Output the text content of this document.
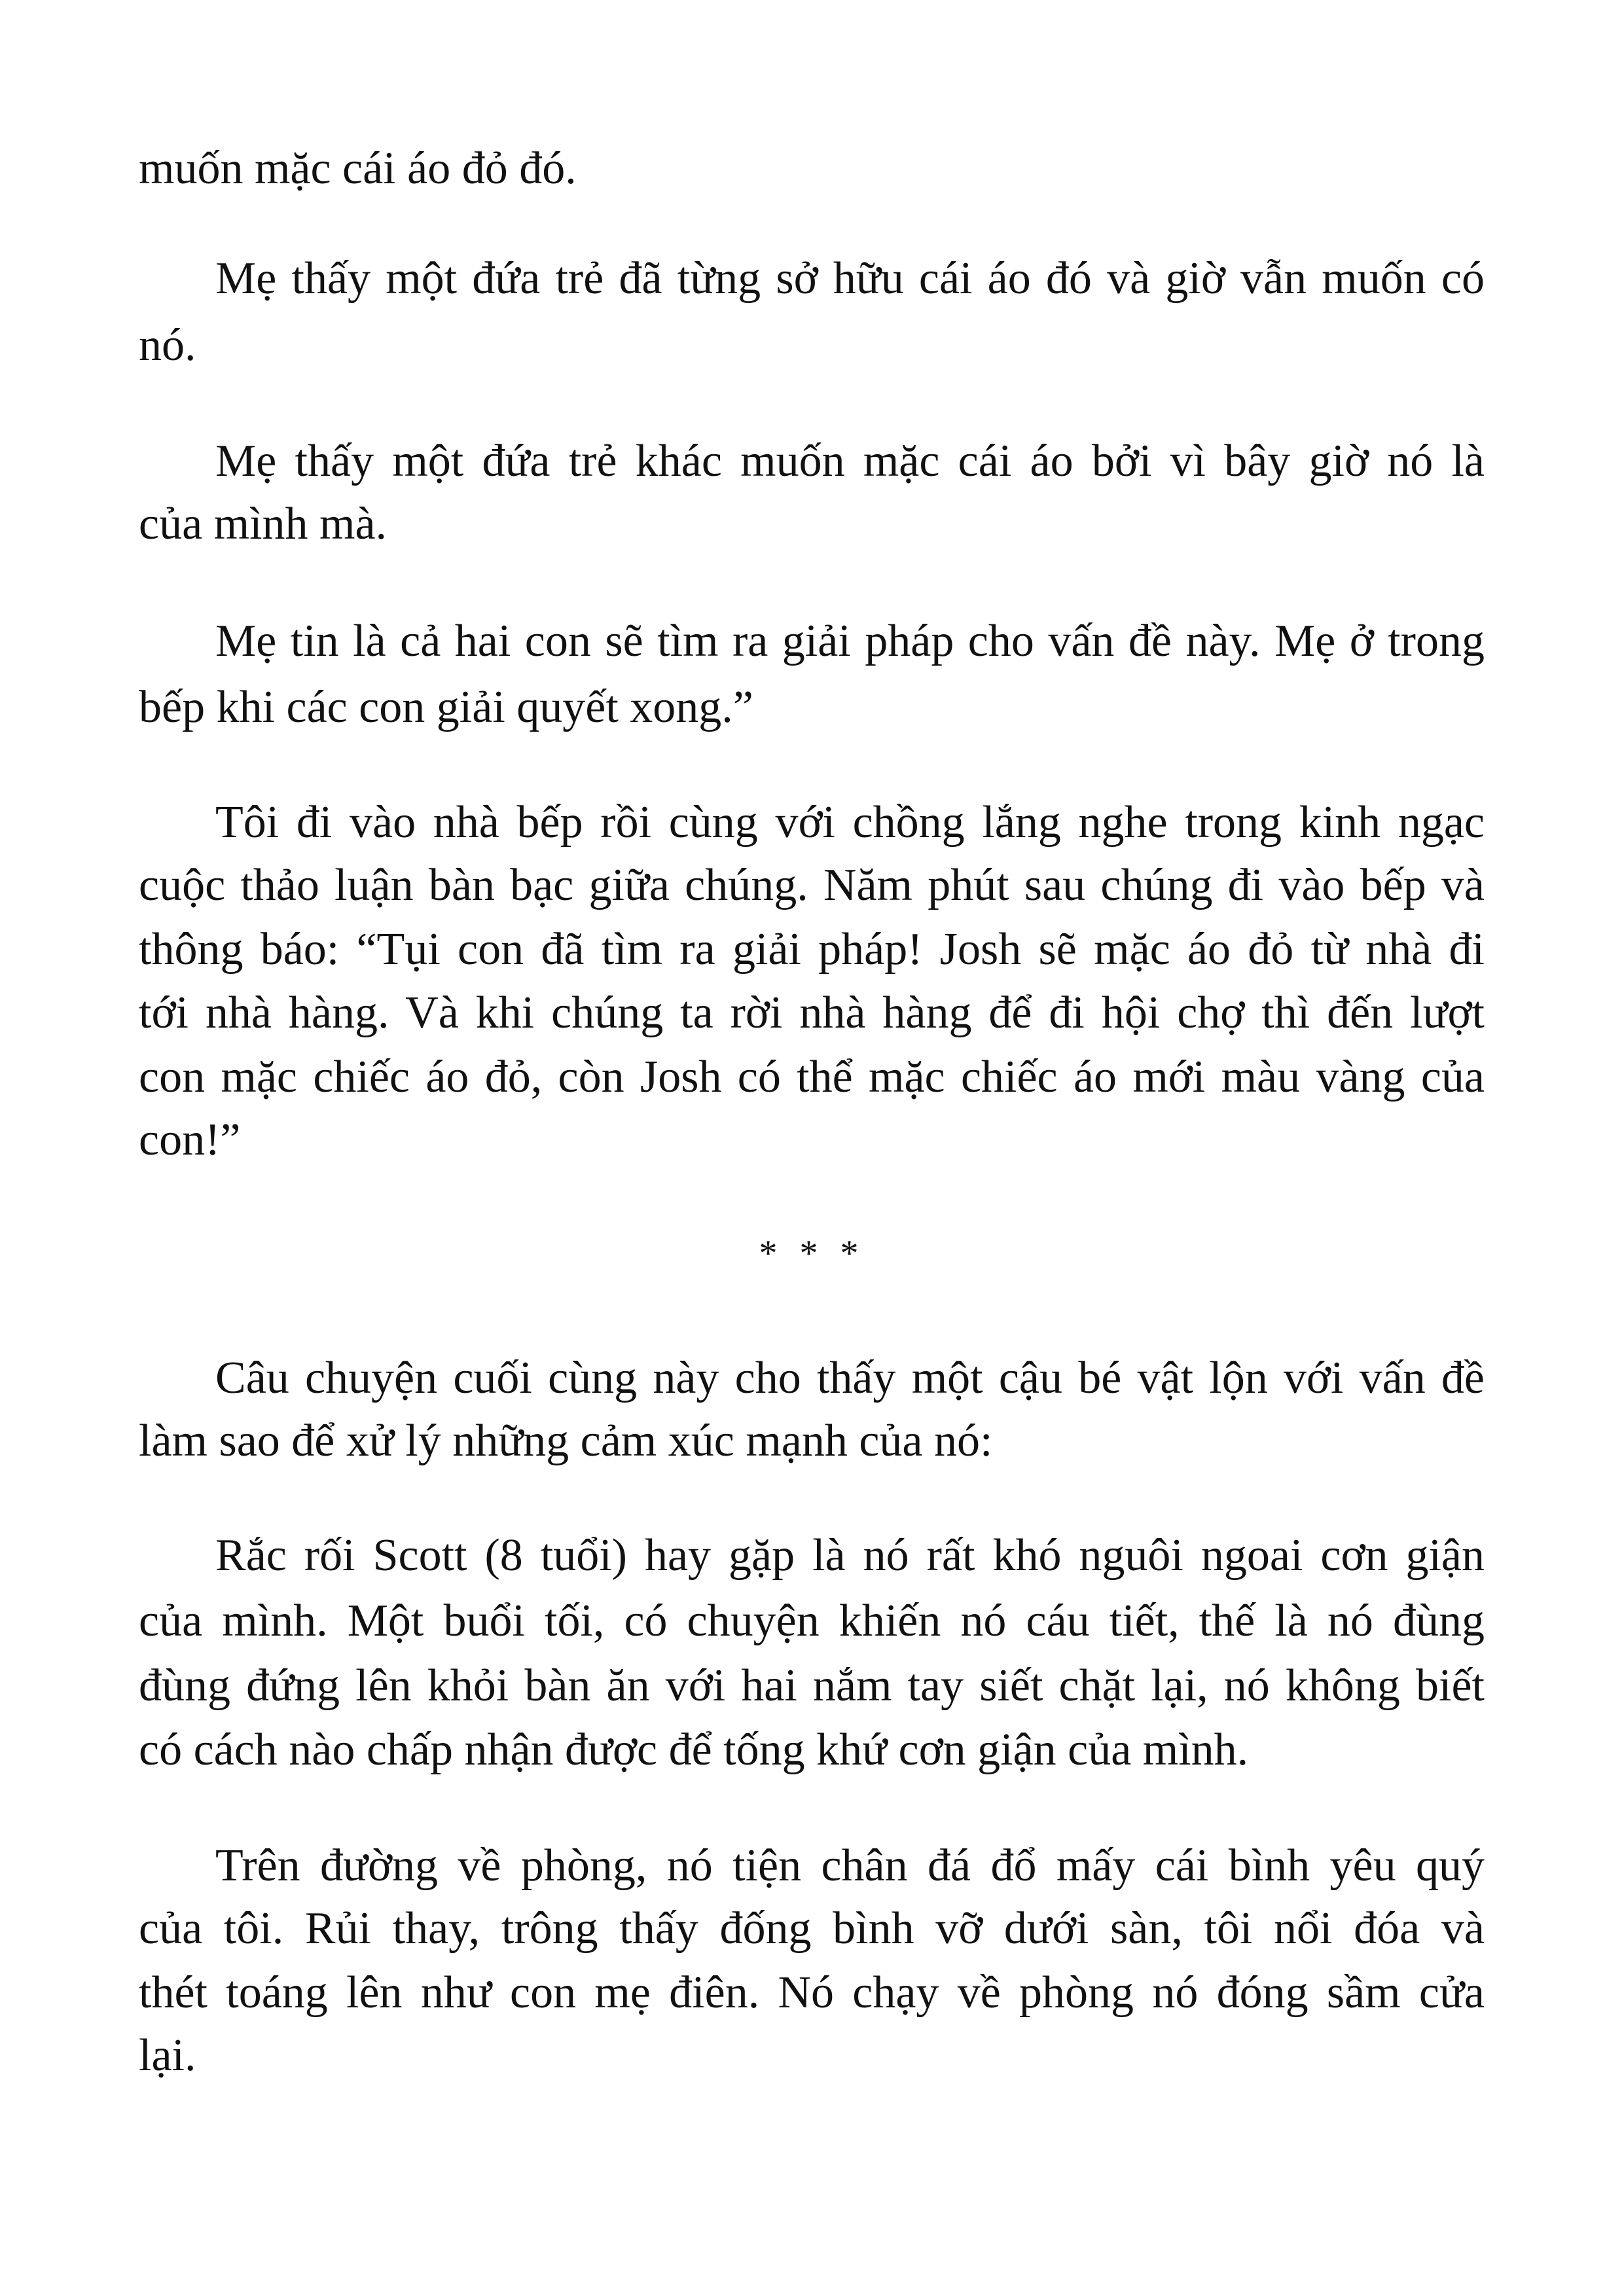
muốn mặc cái áo đỏ đó.
Mẹ thấy một đứa trẻ đã từng sở hữu cái áo đó và giờ vẫn muốn có
nó.
Mẹ thấy một đứa trẻ khác muốn mặc cái áo bởi vì bây giờ nó là
của mình mà.
Mẹ tin là cả hai con sẽ tìm ra giải pháp cho vấn đề này. Mẹ ở trong
bếp khi các con giải quyết xong.”
Tôi đi vào nhà bếp rồi cùng với chồng lắng nghe trong kinh ngạc
cuộc thảo luận bàn bạc giữa chúng. Năm phút sau chúng đi vào bếp và
thông báo: “Tụi con đã tìm ra giải pháp! Josh sẽ mặc áo đỏ từ nhà đi
tới nhà hàng. Và khi chúng ta rời nhà hàng để đi hội chợ thì đến lượt
con mặc chiếc áo đỏ, còn Josh có thể mặc chiếc áo mới màu vàng của
con!”
* * *
Câu chuyện cuối cùng này cho thấy một cậu bé vật lộn với vấn đề
làm sao để xử lý những cảm xúc mạnh của nó:
Rắc rối Scott (8 tuổi) hay gặp là nó rất khó nguôi ngoai cơn giận
của mình. Một buổi tối, có chuyện khiến nó cáu tiết, thế là nó đùng
đùng đứng lên khỏi bàn ăn với hai nắm tay siết chặt lại, nó không biết
có cách nào chấp nhận được để tống khứ cơn giận của mình.
Trên đường về phòng, nó tiện chân đá đổ mấy cái bình yêu quý
của tôi. Rủi thay, trông thấy đống bình vỡ dưới sàn, tôi nổi đóa và
thét toáng lên như con mẹ điên. Nó chạy về phòng nó đóng sầm cửa
lại.
